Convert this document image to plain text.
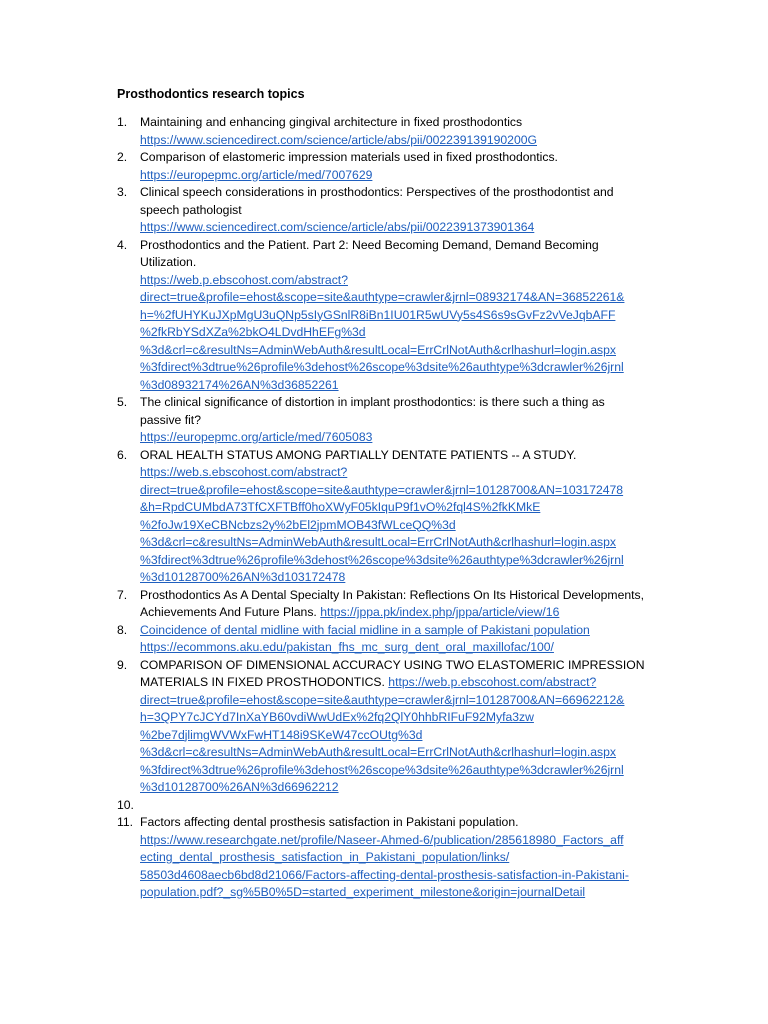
Prosthodontics research topics
1. Maintaining and enhancing gingival architecture in fixed prosthodontics
https://www.sciencedirect.com/science/article/abs/pii/002239139190200G
2. Comparison of elastomeric impression materials used in fixed prosthodontics.
https://europepmc.org/article/med/7007629
3. Clinical speech considerations in prosthodontics: Perspectives of the prosthodontist and
speech pathologist
https://www.sciencedirect.com/science/article/abs/pii/0022391373901364
4. Prosthodontics and the Patient. Part 2: Need Becoming Demand, Demand Becoming
Utilization.
https://web.p.ebscohost.com/abstract?
direct=true&profile=ehost&scope=site&authtype=crawler&jrnl=08932174&AN=36852261&
h=%2fUHYKuJXpMgU3uQNp5sIyGSnlR8iBn1IU01R5wUVy5s4S6s9sGvFz2vVeJqbAFF
%2fkRbYSdXZa%2bkO4LDvdHhEFg%3d
%3d&crl=c&resultNs=AdminWebAuth&resultLocal=ErrCrlNotAuth&crlhashurl=login.aspx
%3fdirect%3dtrue%26profile%3dehost%26scope%3dsite%26authtype%3dcrawler%26jrnl
%3d08932174%26AN%3d36852261
5. The clinical significance of distortion in implant prosthodontics: is there such a thing as
passive fit?
https://europepmc.org/article/med/7605083
6. ORAL HEALTH STATUS AMONG PARTIALLY DENTATE PATIENTS -- A STUDY.
https://web.s.ebscohost.com/abstract?
direct=true&profile=ehost&scope=site&authtype=crawler&jrnl=10128700&AN=103172478
&h=RpdCUMbdA73TfCXFTBff0hoXWyF05kIquP9f1vO%2fql4S%2fkKMkE
%2foJw19XeCBNcbzs2y%2bEl2jpmMOB43fWLceQQ%3d
%3d&crl=c&resultNs=AdminWebAuth&resultLocal=ErrCrlNotAuth&crlhashurl=login.aspx
%3fdirect%3dtrue%26profile%3dehost%26scope%3dsite%26authtype%3dcrawler%26jrnl
%3d10128700%26AN%3d103172478
7. Prosthodontics As A Dental Specialty In Pakistan: Reflections On Its Historical Developments,
Achievements And Future Plans. https://jppa.pk/index.php/jppa/article/view/16
8. Coincidence of dental midline with facial midline in a sample of Pakistani population
https://ecommons.aku.edu/pakistan_fhs_mc_surg_dent_oral_maxillofac/100/
9. COMPARISON OF DIMENSIONAL ACCURACY USING TWO ELASTOMERIC IMPRESSION
MATERIALS IN FIXED PROSTHODONTICS. https://web.p.ebscohost.com/abstract?
direct=true&profile=ehost&scope=site&authtype=crawler&jrnl=10128700&AN=66962212&
h=3QPY7cJCYd7InXaYB60vdiWwUdEx%2fq2QlY0hhbRIFuF92Myfa3zw
%2be7djlimgWVWxFwHT148i9SKeW47ccOUtg%3d
%3d&crl=c&resultNs=AdminWebAuth&resultLocal=ErrCrlNotAuth&crlhashurl=login.aspx
%3fdirect%3dtrue%26profile%3dehost%26scope%3dsite%26authtype%3dcrawler%26jrnl
%3d10128700%26AN%3d66962212
10.
11. Factors affecting dental prosthesis satisfaction in Pakistani population.
https://www.researchgate.net/profile/Naseer-Ahmed-6/publication/285618980_Factors_aff
ecting_dental_prosthesis_satisfaction_in_Pakistani_population/links/
58503d4608aecb6bd8d21066/Factors-affecting-dental-prosthesis-satisfaction-in-Pakistani-
population.pdf?_sg%5B0%5D=started_experiment_milestone&origin=journalDetail
